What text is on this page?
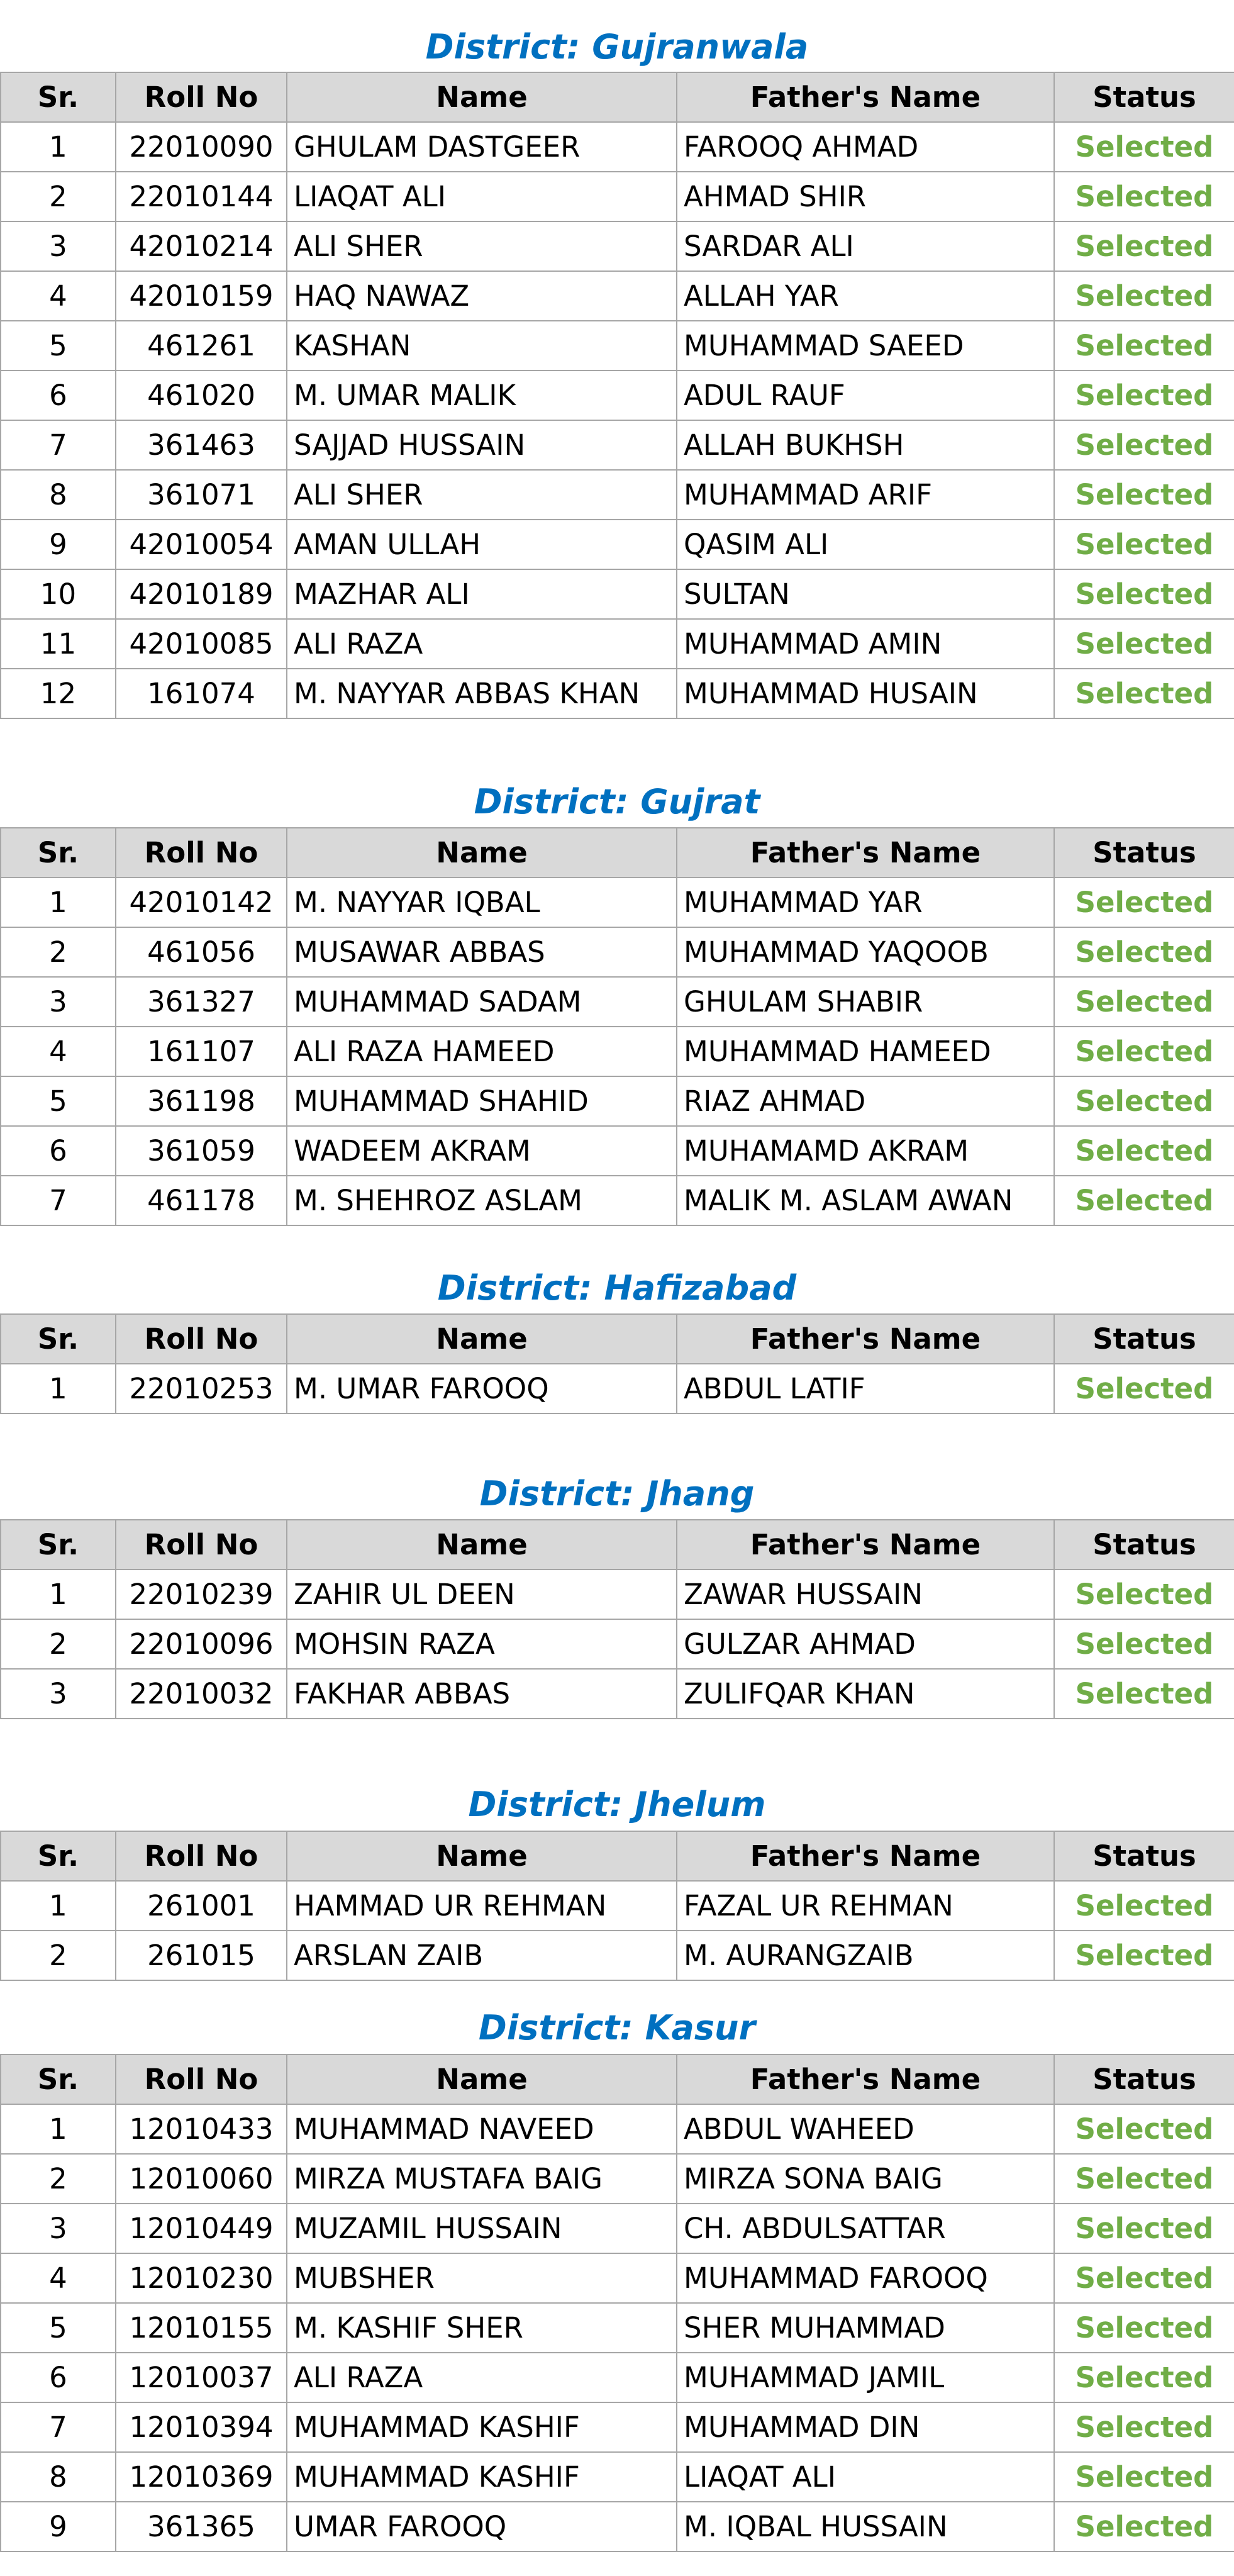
District: Gujranwala
Sr.	Roll No	Name	Father's Name	Status
1	22010090	GHULAM DASTGEER	FAROOQ AHMAD	Selected
2	22010144	LIAQAT ALI	AHMAD SHIR	Selected
3	42010214	ALI SHER	SARDAR ALI	Selected
4	42010159	HAQ NAWAZ	ALLAH YAR	Selected
5	461261	KASHAN	MUHAMMAD SAEED	Selected
6	461020	M. UMAR MALIK	ADUL RAUF	Selected
7	361463	SAJJAD HUSSAIN	ALLAH BUKHSH	Selected
8	361071	ALI SHER	MUHAMMAD ARIF	Selected
9	42010054	AMAN ULLAH	QASIM ALI	Selected
10	42010189	MAZHAR ALI	SULTAN	Selected
11	42010085	ALI RAZA	MUHAMMAD AMIN	Selected
12	161074	M. NAYYAR ABBAS KHAN	MUHAMMAD HUSAIN	Selected
District: Gujrat
Sr.	Roll No	Name	Father's Name	Status
1	42010142	M. NAYYAR IQBAL	MUHAMMAD YAR	Selected
2	461056	MUSAWAR ABBAS	MUHAMMAD YAQOOB	Selected
3	361327	MUHAMMAD SADAM	GHULAM SHABIR	Selected
4	161107	ALI RAZA HAMEED	MUHAMMAD HAMEED	Selected
5	361198	MUHAMMAD SHAHID	RIAZ AHMAD	Selected
6	361059	WADEEM AKRAM	MUHAMAMD AKRAM	Selected
7	461178	M. SHEHROZ ASLAM	MALIK M. ASLAM AWAN	Selected
District: Hafizabad
Sr.	Roll No	Name	Father's Name	Status
1	22010253	M. UMAR FAROOQ	ABDUL LATIF	Selected
District: Jhang
Sr.	Roll No	Name	Father's Name	Status
1	22010239	ZAHIR UL DEEN	ZAWAR HUSSAIN	Selected
2	22010096	MOHSIN RAZA	GULZAR AHMAD	Selected
3	22010032	FAKHAR ABBAS	ZULIFQAR KHAN	Selected
District: Jhelum
Sr.	Roll No	Name	Father's Name	Status
1	261001	HAMMAD UR REHMAN	FAZAL UR REHMAN	Selected
2	261015	ARSLAN ZAIB	M. AURANGZAIB	Selected
District: Kasur
Sr.	Roll No	Name	Father's Name	Status
1	12010433	MUHAMMAD NAVEED	ABDUL WAHEED	Selected
2	12010060	MIRZA MUSTAFA BAIG	MIRZA SONA BAIG	Selected
3	12010449	MUZAMIL HUSSAIN	CH. ABDULSATTAR	Selected
4	12010230	MUBSHER	MUHAMMAD FAROOQ	Selected
5	12010155	M. KASHIF SHER	SHER MUHAMMAD	Selected
6	12010037	ALI RAZA	MUHAMMAD JAMIL	Selected
7	12010394	MUHAMMAD KASHIF	MUHAMMAD DIN	Selected
8	12010369	MUHAMMAD KASHIF	LIAQAT ALI	Selected
9	361365	UMAR FAROOQ	M. IQBAL HUSSAIN	Selected
